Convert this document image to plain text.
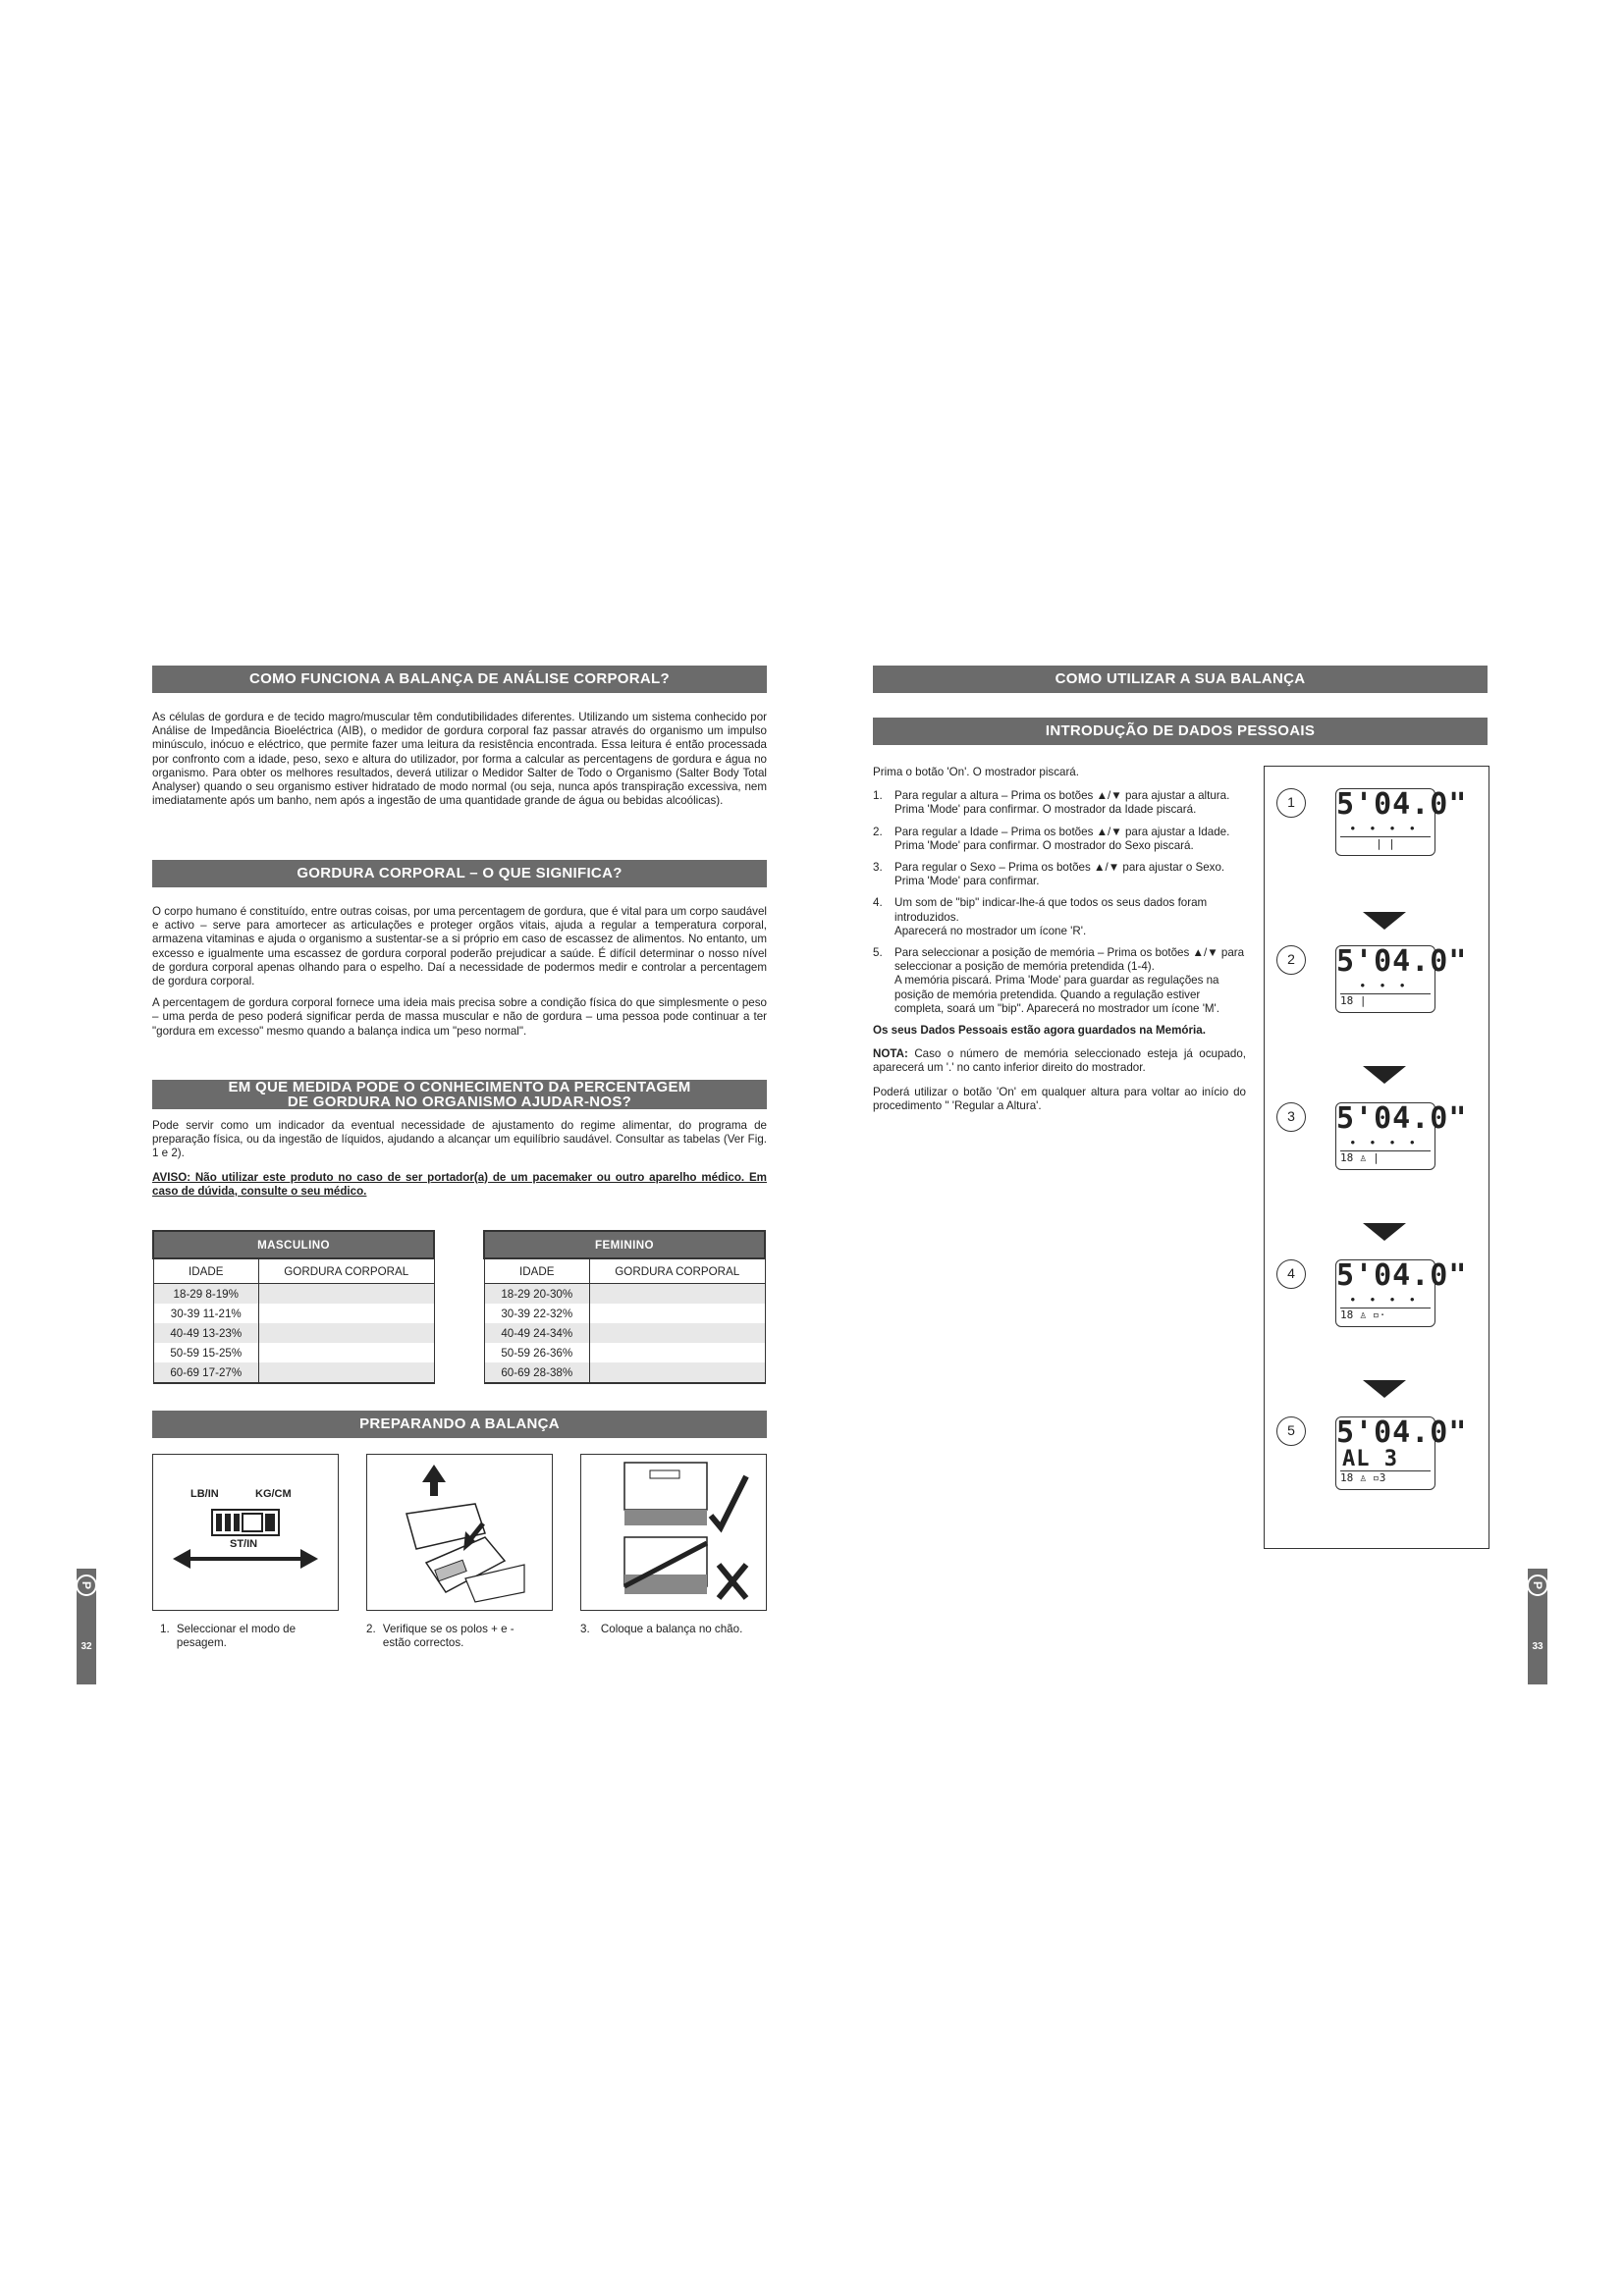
COMO FUNCIONA A BALANÇA DE ANÁLISE CORPORAL?

As células de gordura e de tecido magro/muscular têm condutibilidades diferentes. Utilizando um sistema conhecido por Análise de Impedância Bioeléctrica (AIB), o medidor de gordura corporal faz passar através do organismo um impulso minúsculo, inócuo e eléctrico, que permite fazer uma leitura da resistência encontrada. Essa leitura é então processada por confronto com a idade, peso, sexo e altura do utilizador, por forma a calcular as percentagens de gordura e água no organismo. Para obter os melhores resultados, deverá utilizar o Medidor Salter de Todo o Organismo (Salter Body Total Analyser) quando o seu organismo estiver hidratado de modo normal (ou seja, nunca após transpiração excessiva, nem imediatamente após um banho, nem após a ingestão de uma quantidade grande de água ou bebidas alcoólicas).

GORDURA CORPORAL – O QUE SIGNIFICA?

O corpo humano é constituído, entre outras coisas, por uma percentagem de gordura, que é vital para um corpo saudável e activo – serve para amortecer as articulações e proteger orgãos vitais, ajuda a regular a temperatura corporal, armazena vitaminas e ajuda o organismo a sustentar-se a si próprio em caso de escassez de alimentos. No entanto, um excesso e igualmente uma escassez de gordura corporal poderão prejudicar a saúde. É difícil determinar o nosso nível de gordura corporal apenas olhando para o espelho. Daí a necessidade de podermos medir e controlar a percentagem de gordura corporal.

A percentagem de gordura corporal fornece uma ideia mais precisa sobre a condição física do que simplesmente o peso – uma perda de peso poderá significar perda de massa muscular e não de gordura – uma pessoa pode continuar a ter "gordura em excesso" mesmo quando a balança indica um "peso normal".

EM QUE MEDIDA PODE O CONHECIMENTO DA PERCENTAGEM
DE GORDURA NO ORGANISMO AJUDAR-NOS?

Pode servir como um indicador da eventual necessidade de ajustamento do regime alimentar, do programa de preparação física, ou da ingestão de líquidos, ajudando a alcançar um equilíbrio saudável. Consultar as tabelas (Ver Fig. 1 e 2).

AVISO: Não utilizar este produto no caso de ser portador(a) de um pacemaker ou outro aparelho médico. Em caso de dúvida, consulte o seu médico.

MASCULINO	
IDADE	GORDURA CORPORAL
18-29 8-19%	
30-39 11-21%	
40-49 13-23%	
50-59 15-25%	
60-69 17-27%	
FEMININO	
IDADE	GORDURA CORPORAL
18-29 20-30%	
30-39 22-32%	
40-49 24-34%	
50-59 26-36%	
60-69 28-38%	
PREPARANDO A BALANÇA
LB/IN	KG/CM
ST/IN
1. Seleccionar el modo de pesagem.
2. Verifique se os polos + e - estão correctos.
3. Coloque a balança no chão.
P
32
COMO UTILIZAR A SUA BALANÇA
INTRODUÇÃO DE DADOS PESSOAIS

Prima o botão 'On'. O mostrador piscará.

1. Para regular a altura – Prima os botões ▲/▼ para ajustar a altura.
Prima 'Mode' para confirmar. O mostrador da Idade piscará.
2. Para regular a Idade – Prima os botões ▲/▼ para ajustar a Idade.
Prima 'Mode' para confirmar. O mostrador do Sexo piscará.
3. Para regular o Sexo – Prima os botões ▲/▼ para ajustar o Sexo.
Prima 'Mode' para confirmar.
4. Um som de "bip" indicar-lhe-á que todos os seus dados foram introduzidos.
Aparecerá no mostrador um ícone 'R'.
5. Para seleccionar a posição de memória – Prima os botões ▲/▼ para seleccionar a posição de memória pretendida (1-4).
A memória piscará. Prima 'Mode' para guardar as regulações na posição de memória pretendida. Quando a regulação estiver completa, soará um "bip". Aparecerá no mostrador um ícone 'M'.

Os seus Dados Pessoais estão agora guardados na Memória.

NOTA: Caso o número de memória seleccionado esteja já ocupado, aparecerá um '.' no canto inferior direito do mostrador.

Poderá utilizar o botão 'On' em qualquer altura para voltar ao início do procedimento " 'Regular a Altura'.

1	5'04.0"
• • • •
| |
2	5'04.0"
• • •
18 |
3	5'04.0"
• • • •
18 ♙ |
4	5'04.0"
• • • •
18 ♙ ▫·
5	5'04.0"
AL 3
18 ♙ ▫3
P
33
